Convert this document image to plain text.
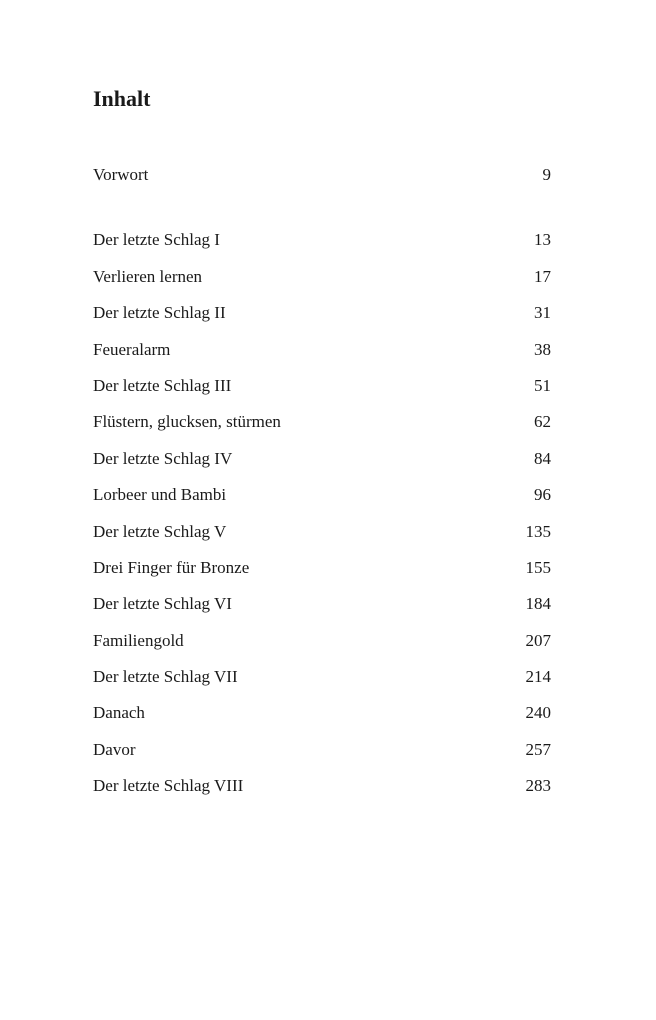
Inhalt
Vorwort	9
Der letzte Schlag I	13
Verlieren lernen	17
Der letzte Schlag II	31
Feueralarm	38
Der letzte Schlag III	51
Flüstern, glucksen, stürmen	62
Der letzte Schlag IV	84
Lorbeer und Bambi	96
Der letzte Schlag V	135
Drei Finger für Bronze	155
Der letzte Schlag VI	184
Familiengold	207
Der letzte Schlag VII	214
Danach	240
Davor	257
Der letzte Schlag VIII	283
